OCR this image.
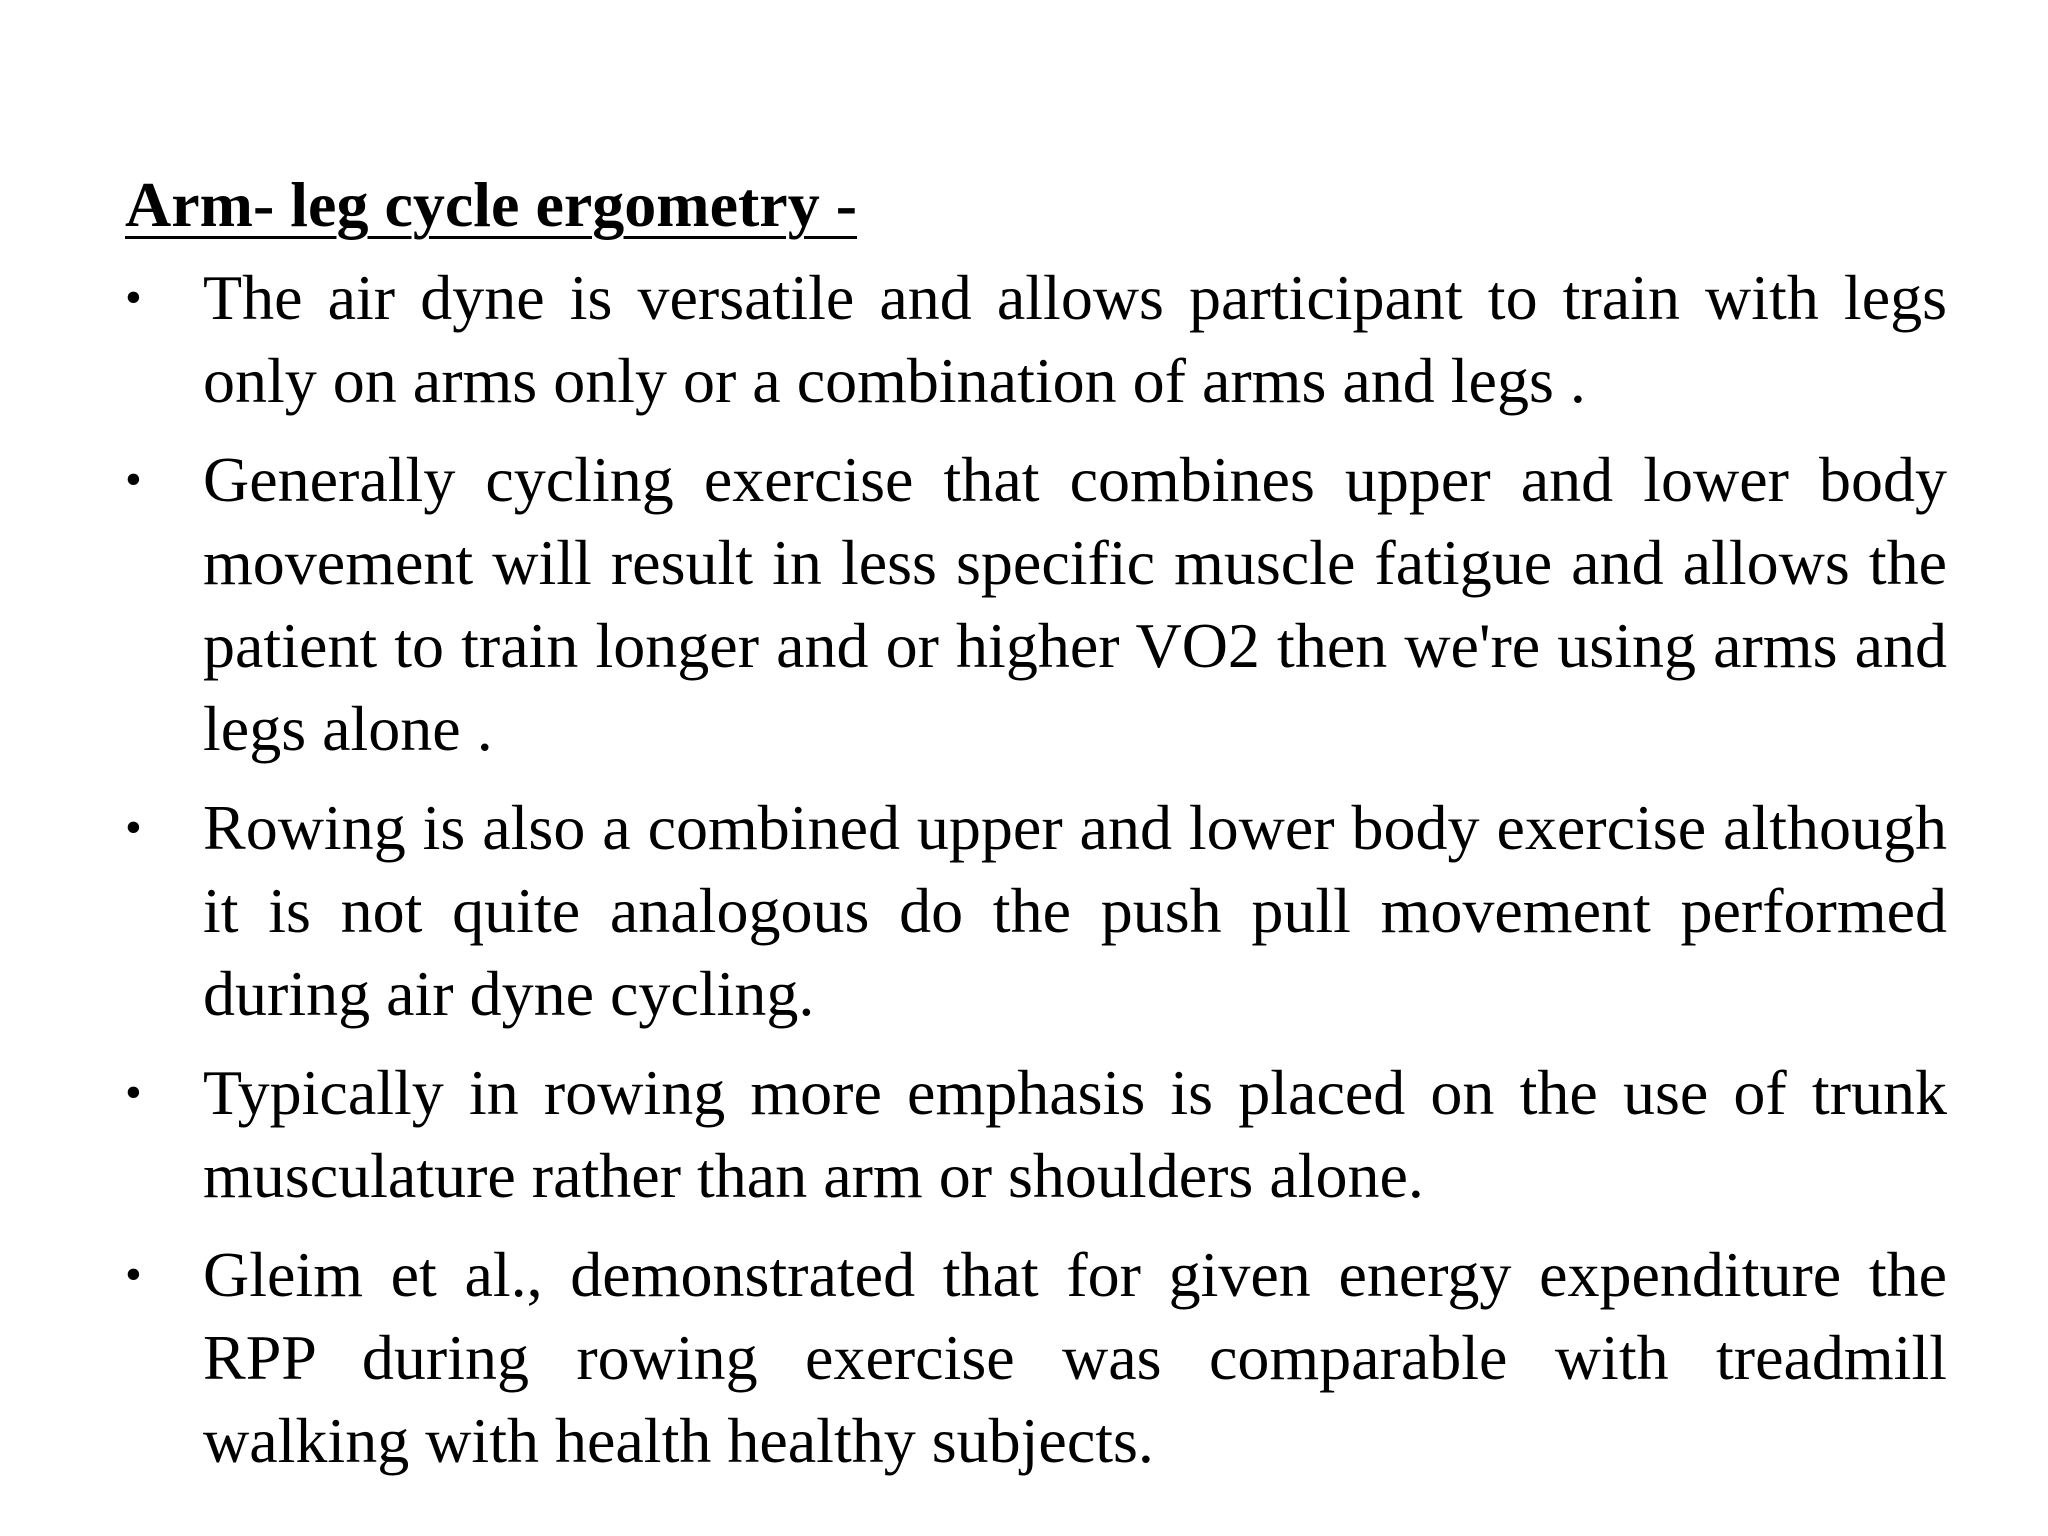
Arm- leg cycle ergometry -
• The air dyne is versatile and allows participant to train with legs only on arms only or a combination of arms and legs .
• Generally cycling exercise that combines upper and lower body movement will result in less specific muscle fatigue and allows the patient to train longer and or higher VO2 then we're using arms and legs alone .
• Rowing is also a combined upper and lower body exercise although it is not quite analogous do the push pull movement performed during air dyne cycling.
• Typically in rowing more emphasis is placed on the use of trunk musculature rather than arm or shoulders alone.
• Gleim et al., demonstrated that for given energy expenditure the RPP during rowing exercise was comparable with treadmill walking with health healthy subjects.
